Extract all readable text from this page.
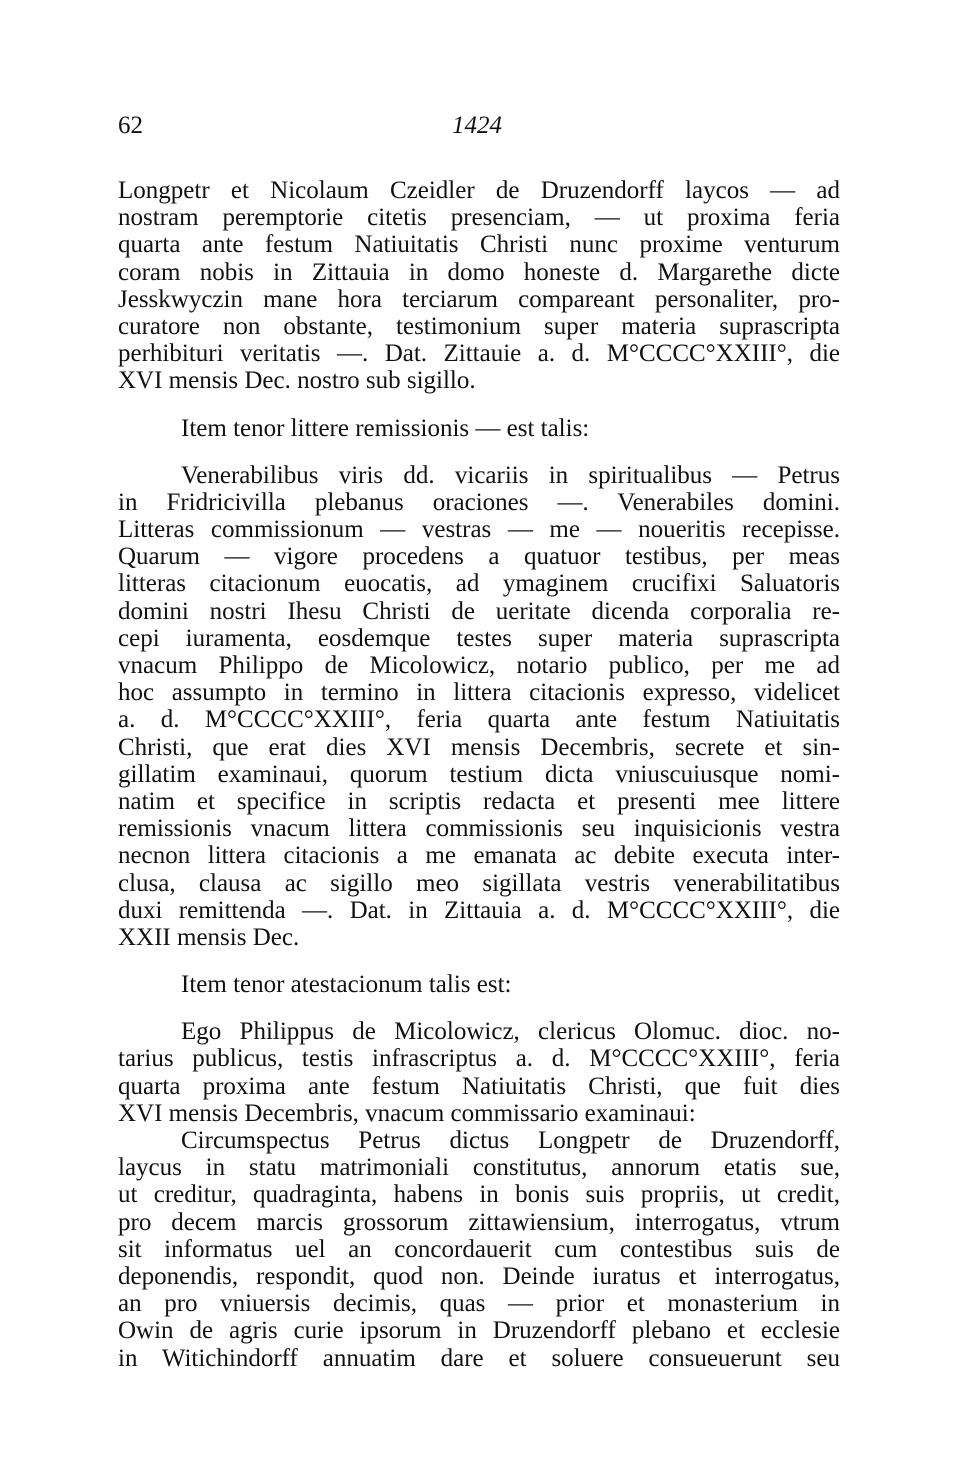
62	1424
Longpetr et Nicolaum Czeidler de Druzendorff laycos — ad
nostram peremptorie citetis presenciam, — ut proxima feria
quarta ante festum Natiuitatis Christi nunc proxime venturum
coram nobis in Zittauia in domo honeste d. Margarethe dicte
Jesskwyczin mane hora terciarum compareant personaliter, pro-
curatore non obstante, testimonium super materia suprascripta
perhibituri veritatis —. Dat. Zittauie a. d. M°CCCC°XXIII°, die
XVI mensis Dec. nostro sub sigillo.
Item tenor littere remissionis — est talis:
Venerabilibus viris dd. vicariis in spiritualibus — Petrus
in Fridricivilla plebanus oraciones —. Venerabiles domini.
Litteras commissionum — vestras — me — noueritis recepisse.
Quarum — vigore procedens a quatuor testibus, per meas
litteras citacionum euocatis, ad ymaginem crucifixi Saluatoris
domini nostri Ihesu Christi de ueritate dicenda corporalia re-
cepi iuramenta, eosdemque testes super materia suprascripta
vnacum Philippo de Micolowicz, notario publico, per me ad
hoc assumpto in termino in littera citacionis expresso, videlicet
a. d. M°CCCC°XXIII°, feria quarta ante festum Natiuitatis
Christi, que erat dies XVI mensis Decembris, secrete et sin-
gillatim examinaui, quorum testium dicta vniuscuiusque nomi-
natim et specifice in scriptis redacta et presenti mee littere
remissionis vnacum littera commissionis seu inquisicionis vestra
necnon littera citacionis a me emanata ac debite executa inter-
clusa, clausa ac sigillo meo sigillata vestris venerabilitatibus
duxi remittenda —. Dat. in Zittauia a. d. M°CCCC°XXIII°, die
XXII mensis Dec.
Item tenor atestacionum talis est:
Ego Philippus de Micolowicz, clericus Olomuc. dioc. no-
tarius publicus, testis infrascriptus a. d. M°CCCC°XXIII°, feria
quarta proxima ante festum Natiuitatis Christi, que fuit dies
XVI mensis Decembris, vnacum commissario examinaui:
Circumspectus Petrus dictus Longpetr de Druzendorff,
laycus in statu matrimoniali constitutus, annorum etatis sue,
ut creditur, quadraginta, habens in bonis suis propriis, ut credit,
pro decem marcis grossorum zittawiensium, interrogatus, vtrum
sit informatus uel an concordauerit cum contestibus suis de
deponendis, respondit, quod non. Deinde iuratus et interrogatus,
an pro vniuersis decimis, quas — prior et monasterium in
Owin de agris curie ipsorum in Druzendorff plebano et ecclesie
in Witichindorff annuatim dare et soluere consueuerunt seu
